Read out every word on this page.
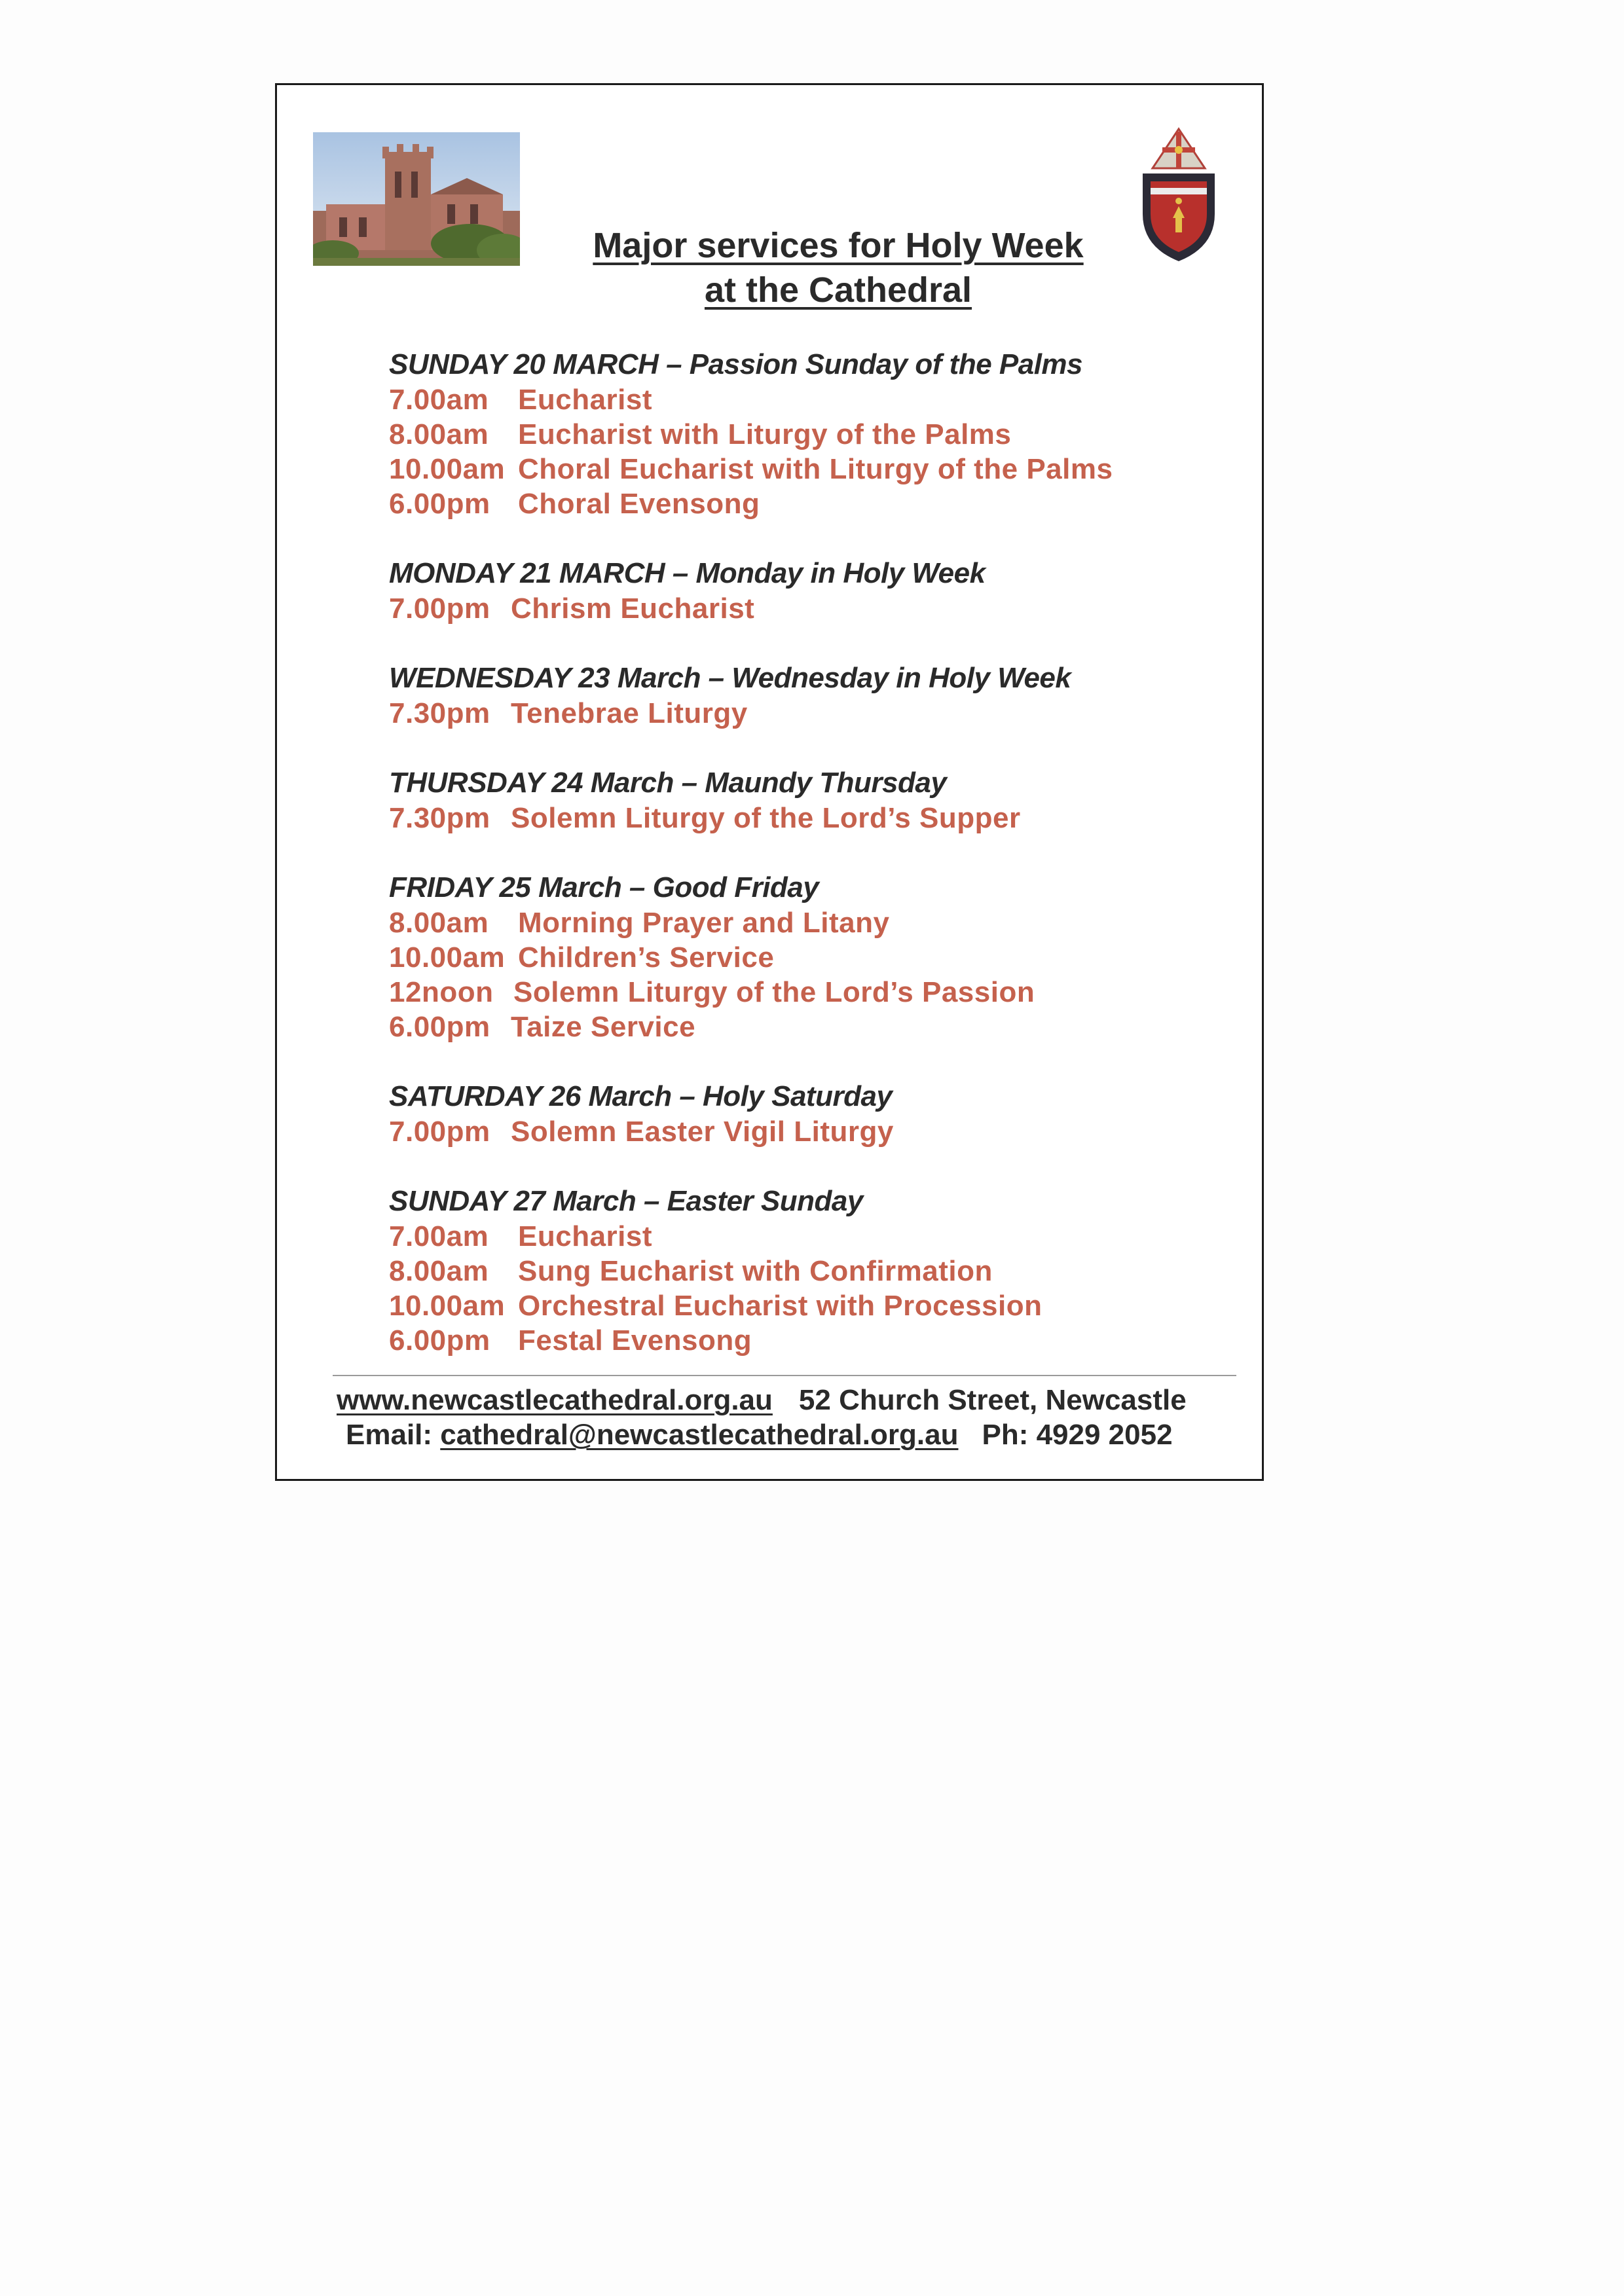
Major services for Holy Week
at the Cathedral
SUNDAY 20 MARCH – Passion Sunday of the Palms
7.00am Eucharist
8.00am Eucharist with Liturgy of the Palms
10.00am Choral Eucharist with Liturgy of the Palms
6.00pm Choral Evensong
MONDAY 21 MARCH – Monday in Holy Week
7.00pm Chrism Eucharist
WEDNESDAY 23 March – Wednesday in Holy Week
7.30pm Tenebrae Liturgy
THURSDAY 24 March – Maundy Thursday
7.30pm Solemn Liturgy of the Lord’s Supper
FRIDAY 25 March – Good Friday
8.00am Morning Prayer and Litany
10.00am Children’s Service
12noon Solemn Liturgy of the Lord’s Passion
6.00pm Taize Service
SATURDAY 26 March – Holy Saturday
7.00pm Solemn Easter Vigil Liturgy
SUNDAY 27 March – Easter Sunday
7.00am Eucharist
8.00am Sung Eucharist with Confirmation
10.00am Orchestral Eucharist with Procession
6.00pm Festal Evensong
www.newcastlecathedral.org.au 52 Church Street, Newcastle
Email: cathedral@newcastlecathedral.org.au Ph: 4929 2052
